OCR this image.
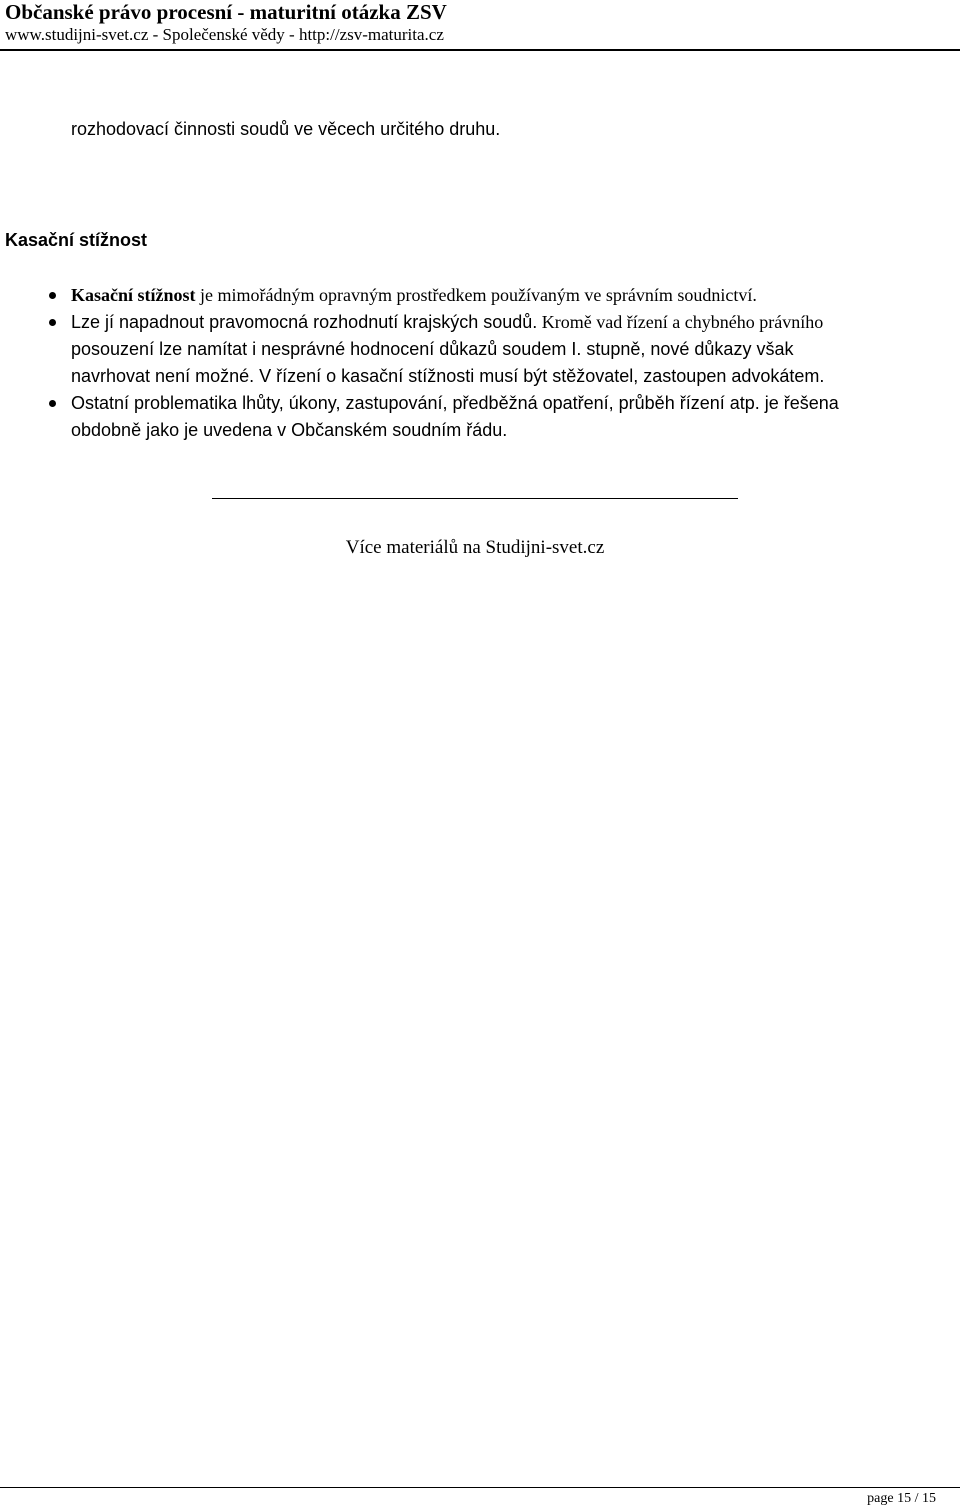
Občanské právo procesní - maturitní otázka ZSV
www.studijni-svet.cz - Společenské vědy - http://zsv-maturita.cz
rozhodovací činnosti soudů ve věcech určitého druhu.
Kasační stížnost
Kasační stížnost je mimořádným opravným prostředkem používaným ve správním soudnictví.
Lze jí napadnout pravomocná rozhodnutí krajských soudů. Kromě vad řízení a chybného právního
posouzení lze namítat i nesprávné hodnocení důkazů soudem I. stupně, nové důkazy však
navrhovat není možné. V řízení o kasační stížnosti musí být stěžovatel, zastoupen advokátem.
Ostatní problematika lhůty, úkony, zastupování, předběžná opatření, průběh řízení atp. je řešena
obdobně jako je uvedena v Občanském soudním řádu.
Více materiálů na Studijni-svet.cz
page 15 / 15
